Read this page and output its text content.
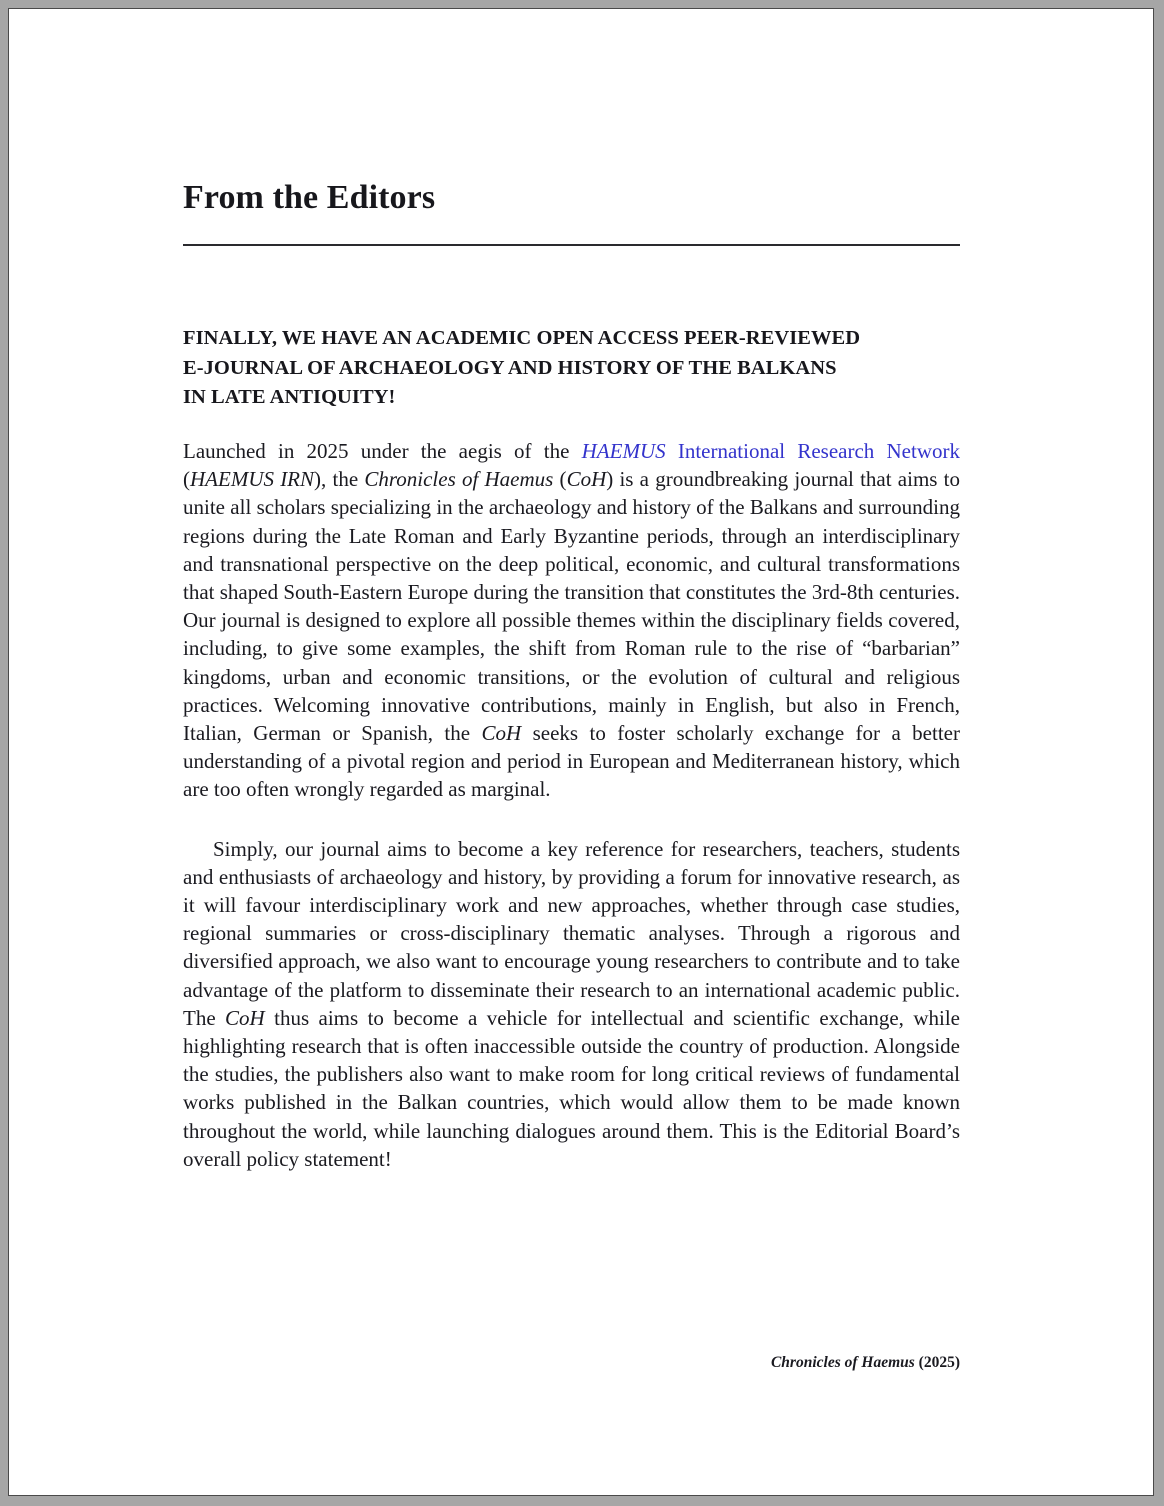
From the Editors
FINALLY, WE HAVE AN ACADEMIC OPEN ACCESS PEER-REVIEWED
E-JOURNAL OF ARCHAEOLOGY AND HISTORY OF THE BALKANS
IN LATE ANTIQUITY!

Launched in 2025 under the aegis of the HAEMUS International Research Network (HAEMUS IRN), the Chronicles of Haemus (CoH) is a groundbreaking journal that aims to unite all scholars specializing in the archaeology and history of the Balkans and surrounding regions during the Late Roman and Early Byzantine periods, through an interdisciplinary and transnational perspective on the deep political, economic, and cultural transformations that shaped South-Eastern Europe during the transition that constitutes the 3rd-8th centuries. Our journal is designed to explore all possible themes within the disciplinary fields covered, including, to give some examples, the shift from Roman rule to the rise of “barbarian” kingdoms, urban and economic transitions, or the evolution of cultural and religious practices. Welcoming innovative contributions, mainly in English, but also in French, Italian, German or Spanish, the CoH seeks to foster scholarly exchange for a better understanding of a pivotal region and period in European and Mediterranean history, which are too often wrongly regarded as marginal.

Simply, our journal aims to become a key reference for researchers, teachers, students and enthusiasts of archaeology and history, by providing a forum for innovative research, as it will favour interdisciplinary work and new approaches, whether through case studies, regional summaries or cross-disciplinary thematic analyses. Through a rigorous and diversified approach, we also want to encourage young researchers to contribute and to take advantage of the platform to disseminate their research to an international academic public. The CoH thus aims to become a vehicle for intellectual and scientific exchange, while highlighting research that is often inaccessible outside the country of production. Alongside the studies, the publishers also want to make room for long critical reviews of fundamental works published in the Balkan countries, which would allow them to be made known throughout the world, while launching dialogues around them. This is the Editorial Board’s overall policy statement!

Chronicles of Haemus (2025)
